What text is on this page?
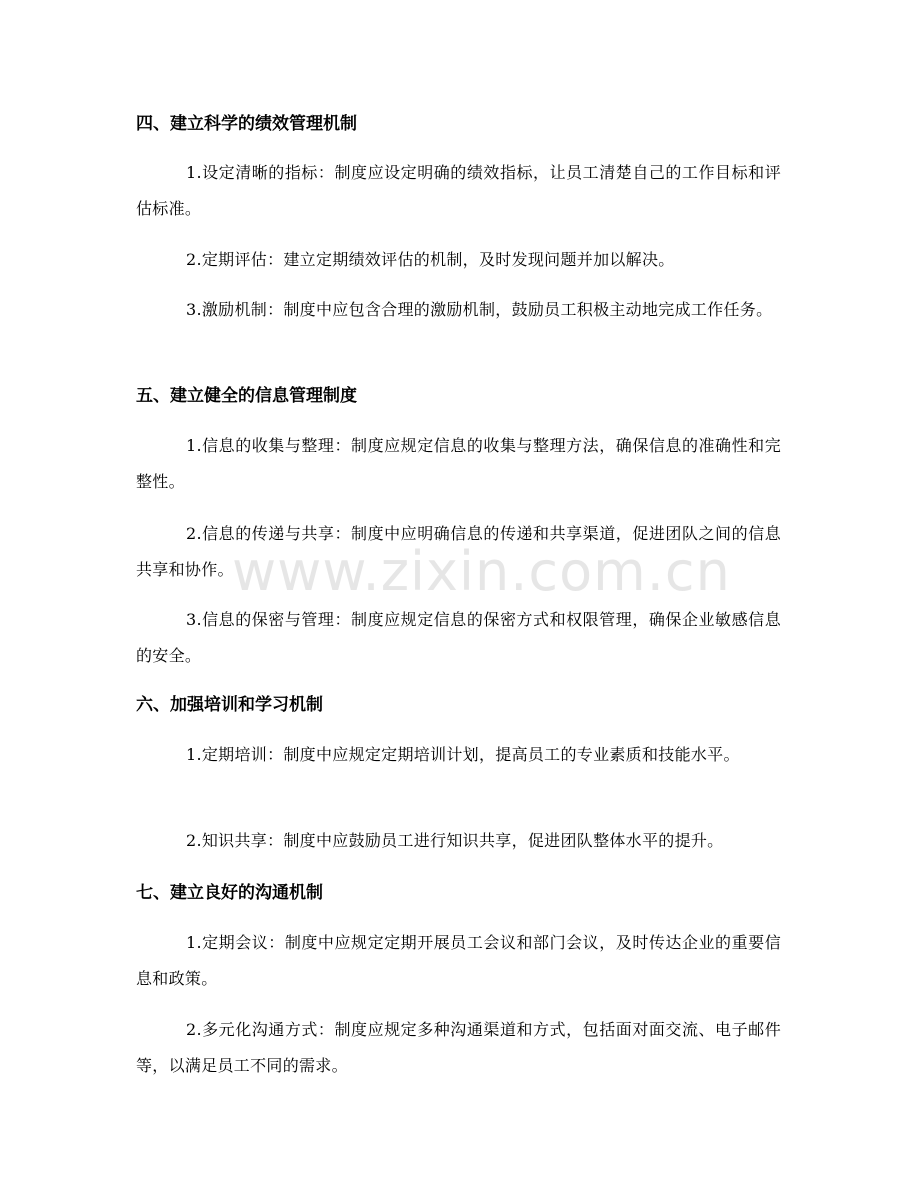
四、建立科学的绩效管理机制
1.设定清晰的指标：制度应设定明确的绩效指标，让员工清楚自己的工作目标和评估标准。
2.定期评估：建立定期绩效评估的机制，及时发现问题并加以解决。
3.激励机制：制度中应包含合理的激励机制，鼓励员工积极主动地完成工作任务。
五、建立健全的信息管理制度
1.信息的收集与整理：制度应规定信息的收集与整理方法，确保信息的准确性和完整性。
2.信息的传递与共享：制度中应明确信息的传递和共享渠道，促进团队之间的信息共享和协作。
3.信息的保密与管理：制度应规定信息的保密方式和权限管理，确保企业敏感信息的安全。
六、加强培训和学习机制
1.定期培训：制度中应规定定期培训计划，提高员工的专业素质和技能水平。
2.知识共享：制度中应鼓励员工进行知识共享，促进团队整体水平的提升。
七、建立良好的沟通机制
1.定期会议：制度中应规定定期开展员工会议和部门会议，及时传达企业的重要信息和政策。
2.多元化沟通方式：制度应规定多种沟通渠道和方式，包括面对面交流、电子邮件等，以满足员工不同的需求。
www.zixin.com.cn
